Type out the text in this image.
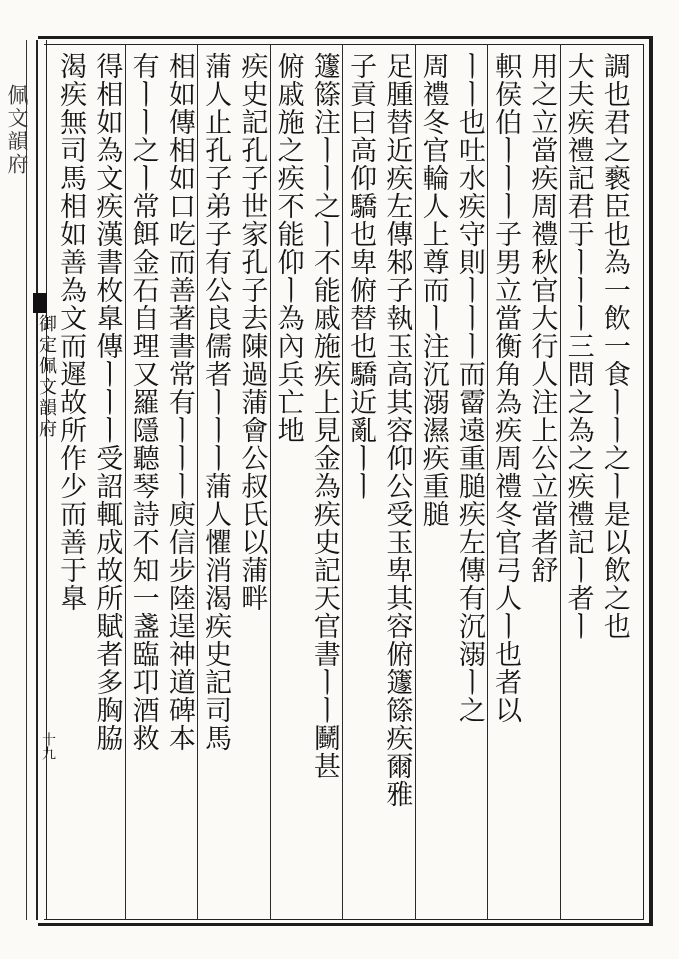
佩文韻府
御定佩文韻府
十九
調也君之褻臣也為一飲一食ㅣㅣ之ㅣ是以飲之也
大夫疾禮記君于ㅣㅣㅣ三問之為之疾禮記ㅣ者ㅣ
用之立當疾周禮秋官大行人注上公立當者舒
軹侯伯ㅣㅣㅣ子男立當衡角為疾周禮冬官弓人ㅣ也者以
ㅣㅣ也吐水疾守則ㅣㅣㅣ而霤遠重膇疾左傳有沉溺ㅣ之
周禮冬官輪人上尊而ㅣ注沉溺濕疾重膇
足腫替近疾左傳邾子執玉高其容仰公受玉卑其容俯籧篨疾爾雅
子貢曰高仰驕也卑俯替也驕近亂ㅣㅣ
籧篨注ㅣㅣ之ㅣ不能戚施疾上見金為疾史記天官書ㅣㅣ鬭甚
俯戚施之疾不能仰ㅣ為內兵亡地
疾史記孔子世家孔子去陳過蒲會公叔氏以蒲畔
蒲人止孔子弟子有公良儒者ㅣㅣㅣ蒲人懼消渴疾史記司馬
相如傳相如口吃而善著書常有ㅣㅣㅣ庾信步陸逞神道碑本
有ㅣㅣ之ㅣ常餌金石自理又羅隱聽琴詩不知一盞臨卭酒救
得相如為文疾漢書枚臯傳ㅣㅣㅣ受詔輒成故所賦者多胸脇
渴疾無司馬相如善為文而遲故所作少而善于臯
